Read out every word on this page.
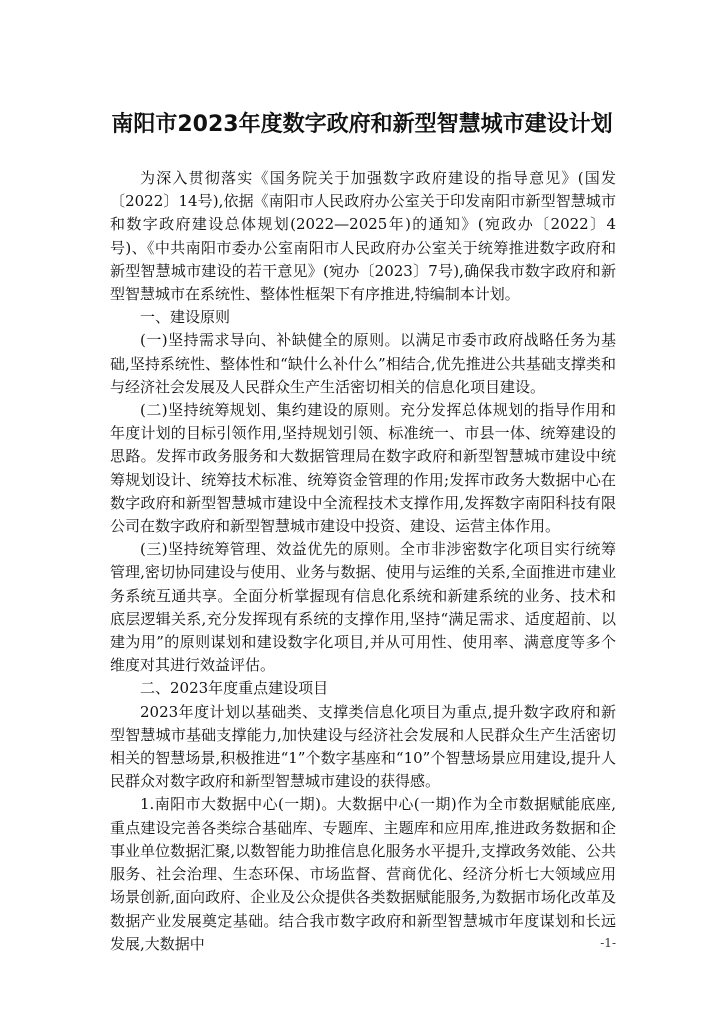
南阳市2023年度数字政府和新型智慧城市建设计划

为深入贯彻落实《国务院关于加强数字政府建设的指导意见》(国发〔2022〕14号),依据《南阳市人民政府办公室关于印发南阳市新型智慧城市和数字政府建设总体规划(2022—2025年)的通知》(宛政办〔2022〕4号)、《中共南阳市委办公室南阳市人民政府办公室关于统筹推进数字政府和新型智慧城市建设的若干意见》(宛办〔2023〕7号),确保我市数字政府和新型智慧城市在系统性、整体性框架下有序推进,特编制本计划。

一、建设原则

(一)坚持需求导向、补缺健全的原则。以满足市委市政府战略任务为基础,坚持系统性、整体性和“缺什么补什么”相结合,优先推进公共基础支撑类和与经济社会发展及人民群众生产生活密切相关的信息化项目建设。

(二)坚持统筹规划、集约建设的原则。充分发挥总体规划的指导作用和年度计划的目标引领作用,坚持规划引领、标准统一、市县一体、统筹建设的思路。发挥市政务服务和大数据管理局在数字政府和新型智慧城市建设中统筹规划设计、统筹技术标准、统筹资金管理的作用;发挥市政务大数据中心在数字政府和新型智慧城市建设中全流程技术支撑作用,发挥数字南阳科技有限公司在数字政府和新型智慧城市建设中投资、建设、运营主体作用。

(三)坚持统筹管理、效益优先的原则。全市非涉密数字化项目实行统筹管理,密切协同建设与使用、业务与数据、使用与运维的关系,全面推进市建业务系统互通共享。全面分析掌握现有信息化系统和新建系统的业务、技术和底层逻辑关系,充分发挥现有系统的支撑作用,坚持“满足需求、适度超前、以建为用”的原则谋划和建设数字化项目,并从可用性、使用率、满意度等多个维度对其进行效益评估。

二、2023年度重点建设项目

2023年度计划以基础类、支撑类信息化项目为重点,提升数字政府和新型智慧城市基础支撑能力,加快建设与经济社会发展和人民群众生产生活密切相关的智慧场景,积极推进“1”个数字基座和“10”个智慧场景应用建设,提升人民群众对数字政府和新型智慧城市建设的获得感。

1.南阳市大数据中心(一期)。大数据中心(一期)作为全市数据赋能底座,重点建设完善各类综合基础库、专题库、主题库和应用库,推进政务数据和企事业单位数据汇聚,以数智能力助推信息化服务水平提升,支撑政务效能、公共服务、社会治理、生态环保、市场监督、营商优化、经济分析七大领域应用场景创新,面向政府、企业及公众提供各类数据赋能服务,为数据市场化改革及数据产业发展奠定基础。结合我市数字政府和新型智慧城市年度谋划和长远发展,大数据中	-1-
